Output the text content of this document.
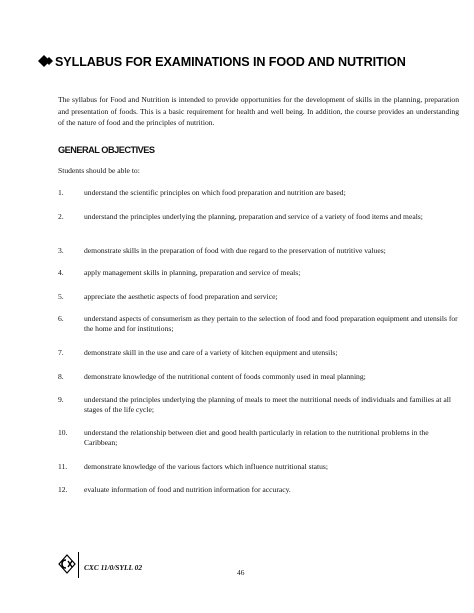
SYLLABUS FOR EXAMINATIONS IN FOOD AND NUTRITION
The syllabus for Food and Nutrition is intended to provide opportunities for the development of skills in the planning, preparation and presentation of foods. This is a basic requirement for health and well being. In addition, the course provides an understanding of the nature of food and the principles of nutrition.
GENERAL OBJECTIVES
Students should be able to:
1.	understand the scientific principles on which food preparation and nutrition are based;
2.	understand the principles underlying the planning, preparation and service of a variety of food items and meals;
3.	demonstrate skills in the preparation of food with due regard to the preservation of nutritive values;
4.	apply management skills in planning, preparation and service of meals;
5.	appreciate the aesthetic aspects of food preparation and service;
6.	understand aspects of consumerism as they pertain to the selection of food and food preparation equipment and utensils for the home and for institutions;
7.	demonstrate skill in the use and care of a variety of kitchen equipment and utensils;
8.	demonstrate knowledge of the nutritional content of foods commonly used in meal planning;
9.	understand the principles underlying the planning of meals to meet the nutritional needs of individuals and families at all stages of the life cycle;
10.	understand the relationship between diet and good health particularly in relation to the nutritional problems in the Caribbean;
11.	demonstrate knowledge of the various factors which influence nutritional status;
12.	evaluate information of food and nutrition information for accuracy.
CXC 11/0/SYLL 02
46
